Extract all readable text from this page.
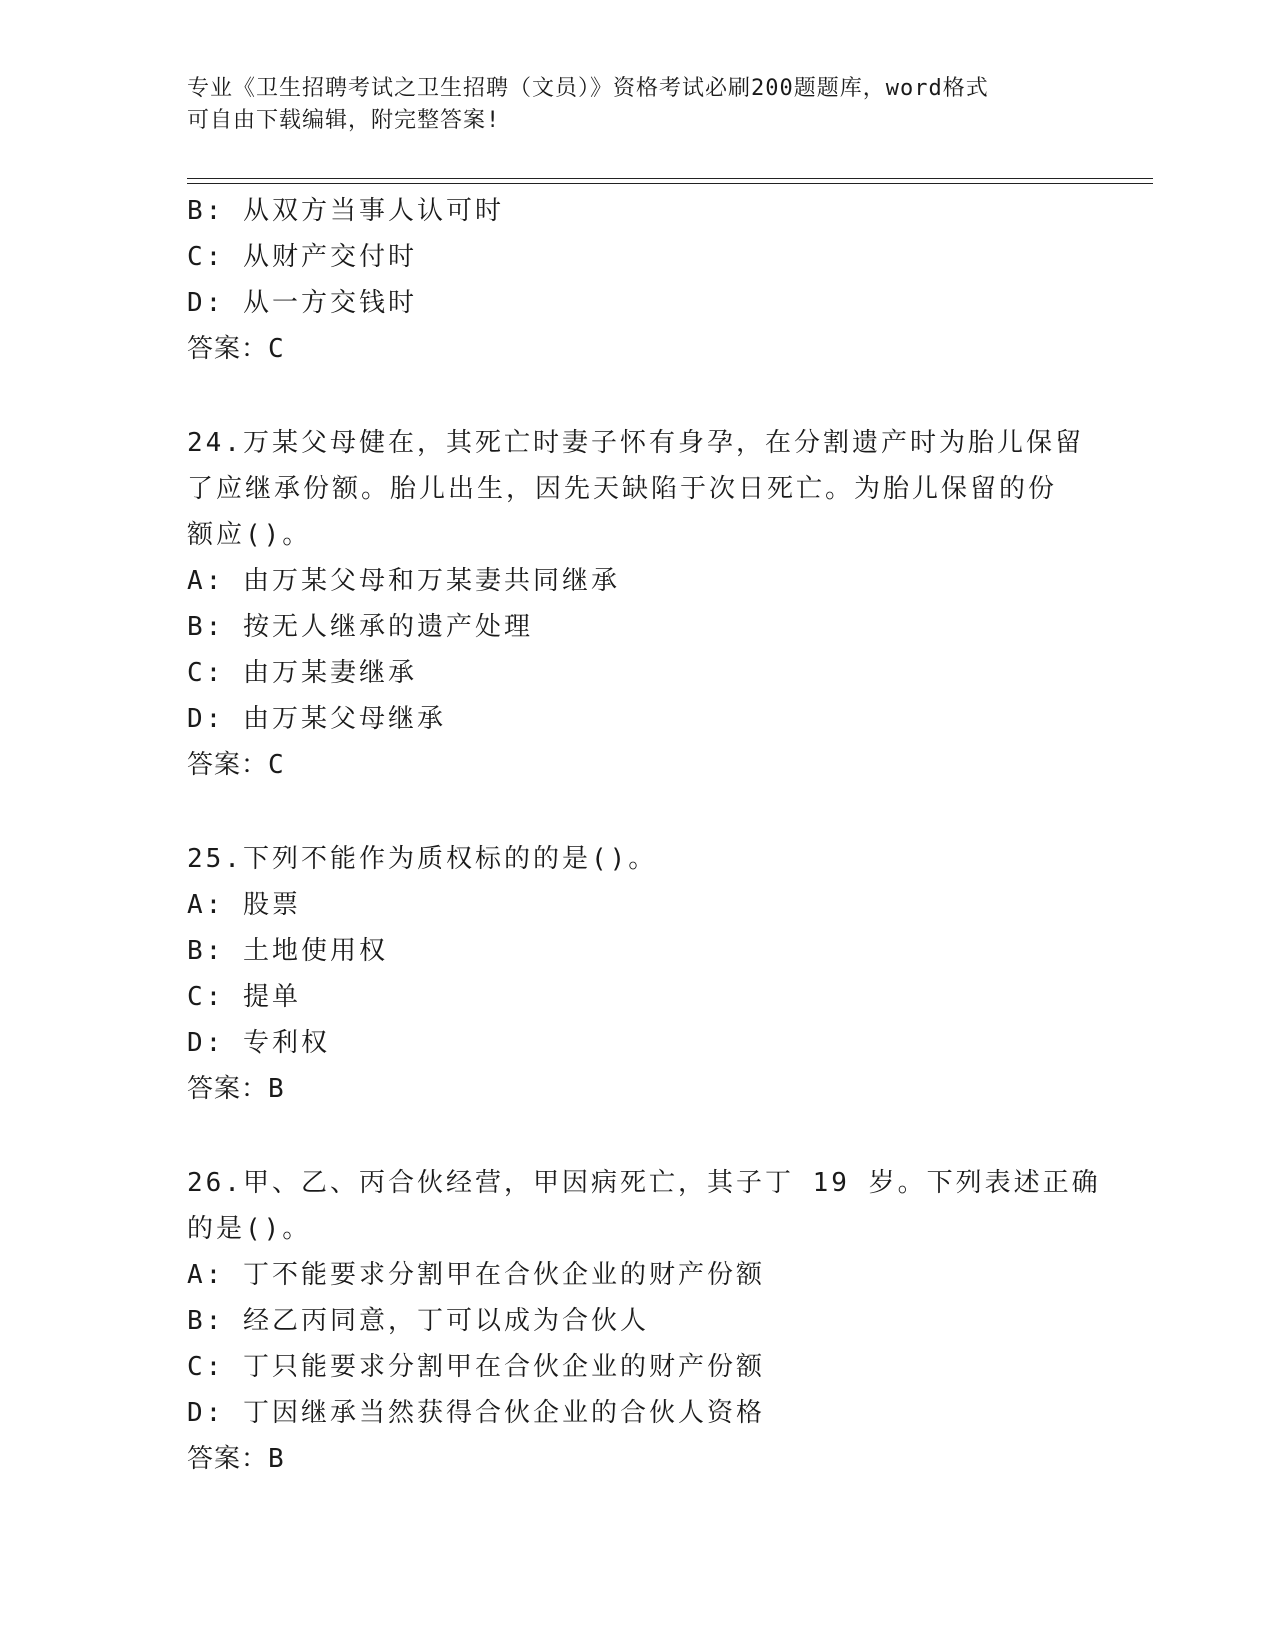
专业《卫生招聘考试之卫生招聘（文员）》资格考试必刷200题题库，word格式
可自由下载编辑，附完整答案!
B: 从双方当事人认可时
C: 从财产交付时
D: 从一方交钱时
答案：C
24.万某父母健在，其死亡时妻子怀有身孕，在分割遗产时为胎儿保留
了应继承份额。胎儿出生，因先天缺陷于次日死亡。为胎儿保留的份
额应()。
A: 由万某父母和万某妻共同继承
B: 按无人继承的遗产处理
C: 由万某妻继承
D: 由万某父母继承
答案：C
25.下列不能作为质权标的的是()。
A: 股票
B: 土地使用权
C: 提单
D: 专利权
答案：B
26.甲、乙、丙合伙经营，甲因病死亡，其子丁 19 岁。下列表述正确
的是()。
A: 丁不能要求分割甲在合伙企业的财产份额
B: 经乙丙同意，丁可以成为合伙人
C: 丁只能要求分割甲在合伙企业的财产份额
D: 丁因继承当然获得合伙企业的合伙人资格
答案：B
